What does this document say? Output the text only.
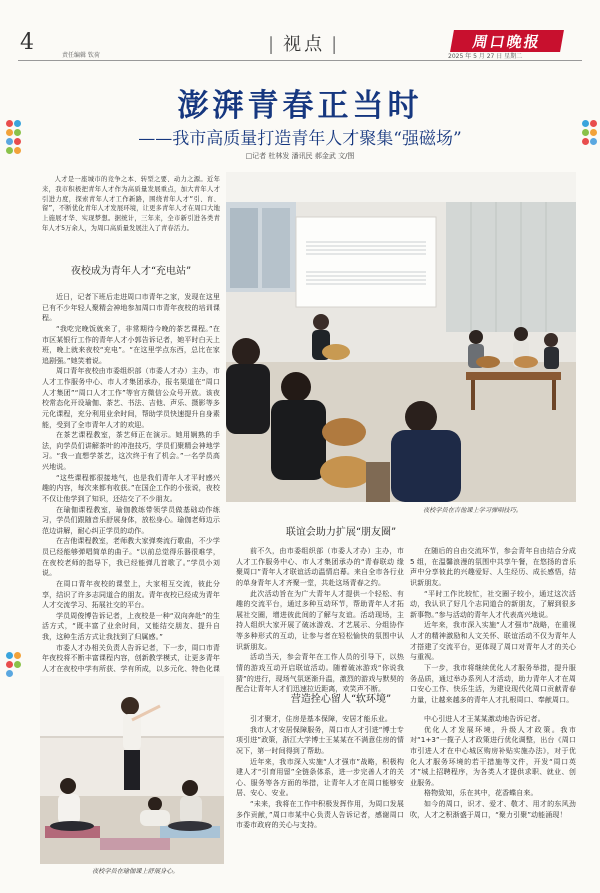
4
责任编辑 钦荷
| 视点 |	周口晚报
2025 年 5 月 27 日 星期二
澎湃青春正当时
——我市高质量打造青年人才聚集“强磁场”
□记者 杜林发 潘讯民 郝金武 文/图

人才是一座城市的竞争之本、转型之要、动力之源。近年来，我市积极把青年人才作为高质量发展重点，加大青年人才引进力度，探索青年人才工作新路，围绕青年人才“引、育、留”，不断优化青年人才发展环境，让更多青年人才在周口大地上施展才华、实现梦想。据统计，三年来，全市新引进各类青年人才5万余人，为周口高质量发展注入了青春活力。

夜校成为青年人才“充电站”

近日，记者下班后走进周口市青年之家，发现在这里已有不少年轻人聚精会神地参加周口市青年夜校的培训课程。

“我吃完晚饭就来了，非常期待今晚的茶艺课程。”在市区某银行工作的青年人才小郭告诉记者，她平时白天上班，晚上就来夜校“充电”。“在这里学点东西，总比在家追剧强。”她笑着说。

周口青年夜校由市委组织部（市委人才办）主办，市人才工作服务中心、市人才集团承办，报名渠道在“周口人才集团”“周口人才工作”等官方微信公众号开放。该夜校常态化开设瑜伽、茶艺、书法、吉他、声乐、摄影等多元化课程，充分利用业余时间，帮助学员快速提升自身素能，受到了全市青年人才的欢迎。

在茶艺课程教室，茶艺师正在演示。她用娴熟的手法，向学员们讲解茶叶的冲泡技巧，学员们聚精会神地学习。“我一直想学茶艺，这次终于有了机会。”一名学员高兴地说。

“这些课程都很接地气，也是我们青年人才平时感兴趣的内容，每次来都有收获。”在国企工作的小张说，夜校不仅让他学到了知识，还结交了不少朋友。

在瑜伽课程教室，瑜伽教练带领学员做基础动作练习，学员们跟随音乐舒展身体，放松身心。瑜伽老师边示范边讲解，耐心纠正学员的动作。

在吉他课程教室，老师教大家弹奏流行歌曲，不少学员已经能够弹唱简单的曲子。“以前总觉得乐器很难学，在夜校老师的指导下，我已经能弹几首歌了。”学员小刘说。

在周口青年夜校的课堂上，大家相互交流，彼此分享，结识了许多志同道合的朋友。青年夜校已经成为青年人才交流学习、拓展社交的平台。

学员周俊博告诉记者，上夜校是一种“双向奔赴”的生活方式，“既丰富了业余时间，又能结交朋友、提升自我，这种生活方式让我找到了归属感。”

市委人才办相关负责人告诉记者，下一步，周口市青年夜校将不断丰富课程内容，创新教学模式，让更多青年人才在夜校中学有所获、学有所成，以多元化、特色化课

夜校学员在吉他课上学习弹唱技巧。
联谊会助力扩展“朋友圈”

前不久，由市委组织部（市委人才办）主办，市人才工作服务中心、市人才集团承办的“青春联动 缘聚周口”青年人才联谊活动温情启幕。来自全市各行业的单身青年人才齐聚一堂，共赴这场青春之约。

此次活动旨在为广大青年人才提供一个轻松、有趣的交流平台，通过多种互动环节，帮助青年人才拓展社交圈，增进彼此间的了解与友谊。活动现场，主持人组织大家开展了破冰游戏、才艺展示、分组协作等多种形式的互动，让参与者在轻松愉快的氛围中认识新朋友。

活动当天，参会青年在工作人员的引导下，以热情的游戏互动开启联谊活动。随着破冰游戏“你说我猜”的进行，现场气氛逐渐升温，激烈的游戏与默契的配合让青年人才们迅速拉近距离，欢笑声不断。

在随后的自由交流环节，参会青年自由结合分成 5 组，在温馨浪漫的氛围中共享午餐，在悠扬的音乐声中分享彼此的兴趣爱好、人生经历、成长感悟，结识新朋友。

“平时工作比较忙，社交圈子较小，通过这次活动，我认识了好几个志同道合的新朋友，了解到很多新事物。”参与活动的青年人才代表高兴地说。

近年来，我市深入实施“人才强市”战略，在重视人才的精神激励和人文关怀、联谊活动不仅为青年人才搭建了交流平台，更体现了周口对青年人才的关心与重视。

下一步，我市将继续优化人才服务举措，提升服务品质，通过举办系列人才活动，助力青年人才在周口安心工作、快乐生活，为建设现代化周口贡献青春力量，让越来越多的青年人才扎根周口、奉献周口。

夜校学员在瑜伽课上舒展身心。
营造拴心留人“软环境”

引才聚才，住房是基本保障，安居才能乐业。

我市人才安居保障服务，周口市人才引进“博士专项引进”政策，浙江大学博士王某某在不满意住房的情况下，第一时间得到了帮助。

近年来，我市深入实施“人才强市”战略，积极构建人才“引育用留”全链条体系，进一步完善人才的关心、服务等各方面的举措，让青年人才在周口能够安居、安心、安业。

“未来，我将在工作中积极发挥作用，为周口发展多作贡献，”周口市某中心负责人告诉记者，感谢周口市委市政府的关心与支持。

中心引进人才王某某激动地告诉记者。

优化人才发展环境，升级人才政策。我市对“1+3”一揽子人才政策进行优化调整，出台《周口市引进人才在中心城区购房补贴实施办法》，对于优化人才服务环境的若干措施等文件，开发“周口英才”城上招聘程序，为各类人才提供求职、就业、创业服务。

格物致知，乐在其中，花香蝶自来。

如今的周口，识才、爱才、敬才、用才的东风劲吹，人才之积渐盛于周口，“聚力引聚”动能涌现！
